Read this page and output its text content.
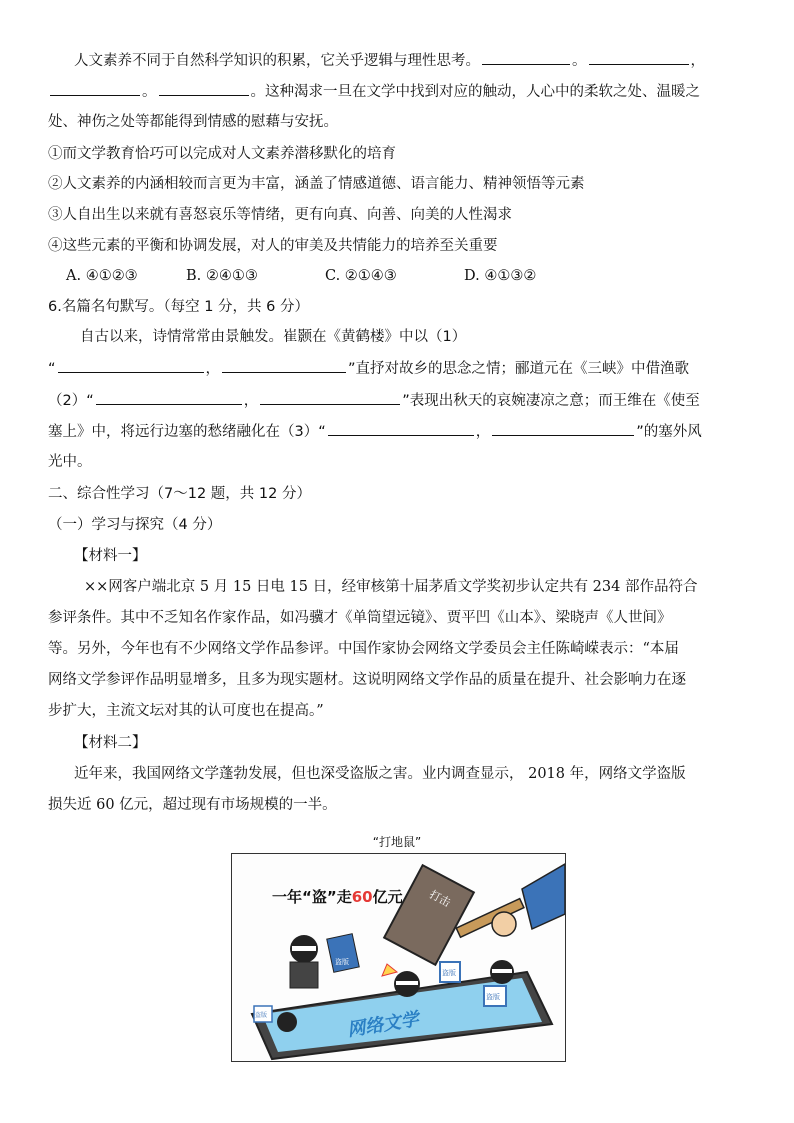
人文素养不同于自然科学知识的积累，它关乎逻辑与理性思考。	。	，
。	。这种渴求一旦在文学中找到对应的触动，人心中的柔软之处、温暖之
处、神伤之处等都能得到情感的慰藉与安抚。
①而文学教育恰巧可以完成对人文素养潜移默化的培育
②人文素养的内涵相较而言更为丰富，涵盖了情感道德、语言能力、精神领悟等元素
③人自出生以来就有喜怒哀乐等情绪，更有向真、向善、向美的人性渴求
④这些元素的平衡和协调发展，对人的审美及共情能力的培养至关重要
A. ④①②③	B. ②④①③	C. ②①④③	D. ④①③②
6.名篇名句默写。（每空 1 分，共 6 分）
自古以来，诗情常常由景触发。崔颢在《黄鹤楼》中以（1）
“	，	”直抒对故乡的思念之情；郦道元在《三峡》中借渔歌
（2）“	，	”表现出秋天的哀婉凄凉之意；而王维在《使至
塞上》中，将远行边塞的愁绪融化在（3）“	，	”的塞外风
光中。
二、综合性学习（7～12 题，共 12 分）
（一）学习与探究（4 分）
【材料一】
××网客户端北京 5 月 15 日电 15 日，经审核第十届茅盾文学奖初步认定共有 234 部作品符合
参评条件。其中不乏知名作家作品，如冯骥才《单筒望远镜》、贾平凹《山本》、梁晓声《人世间》
等。另外，今年也有不少网络文学作品参评。中国作家协会网络文学委员会主任陈崎嵘表示：“本届
网络文学参评作品明显增多，且多为现实题材。这说明网络文学作品的质量在提升、社会影响力在逐
步扩大，主流文坛对其的认可度也在提高。”
【材料二】
近年来，我国网络文学蓬勃发展，但也深受盗版之害。业内调查显示， 2018 年，网络文学盗版
损失近 60 亿元，超过现有市场规模的一半。
“打地鼠”
一年“盗”走60亿元 打击
网络文学
盗版
盗版
盗版
盗版
